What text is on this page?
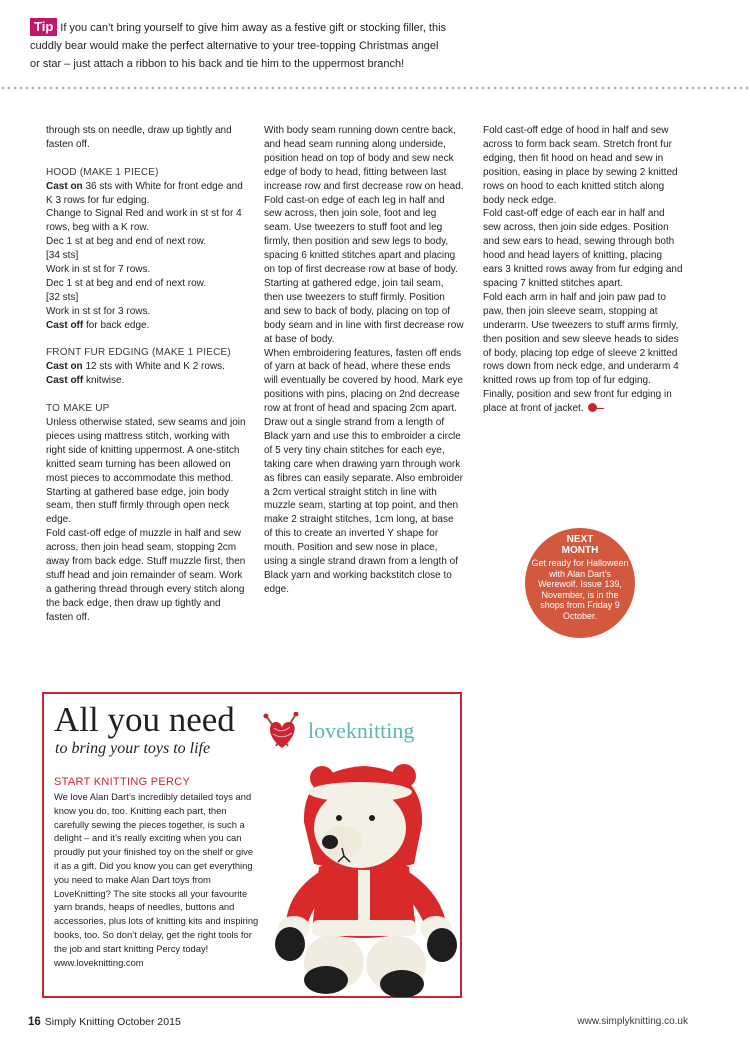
Tip If you can’t bring yourself to give him away as a festive gift or stocking filler, this cuddly bear would make the perfect alternative to your tree-topping Christmas angel or star – just attach a ribbon to his back and tie him to the uppermost branch!

through sts on needle, draw up tightly and fasten off.

HOOD (MAKE 1 PIECE)

Cast on 36 sts with White for front edge and K 3 rows for fur edging.

Change to Signal Red and work in st st for 4 rows, beg with a K row.

Dec 1 st at beg and end of next row.

[34 sts]

Work in st st for 7 rows.

Dec 1 st at beg and end of next row.

[32 sts]

Work in st st for 3 rows.

Cast off for back edge.

FRONT FUR EDGING (MAKE 1 PIECE)

Cast on 12 sts with White and K 2 rows.

Cast off knitwise.

TO MAKE UP

Unless otherwise stated, sew seams and join pieces using mattress stitch, working with right side of knitting uppermost. A one-stitch knitted seam turning has been allowed on most pieces to accommodate this method.

Starting at gathered base edge, join body seam, then stuff firmly through open neck edge.

Fold cast-off edge of muzzle in half and sew across, then join head seam, stopping 2cm away from back edge. Stuff muzzle first, then stuff head and join remainder of seam. Work a gathering thread through every stitch along the back edge, then draw up tightly and fasten off.

With body seam running down centre back, and head seam running along underside, position head on top of body and sew neck edge of body to head, fitting between last increase row and first decrease row on head.

Fold cast-on edge of each leg in half and sew across, then join sole, foot and leg seam. Use tweezers to stuff foot and leg firmly, then position and sew legs to body, spacing 6 knitted stitches apart and placing on top of first decrease row at base of body.

Starting at gathered edge, join tail seam, then use tweezers to stuff firmly. Position and sew to back of body, placing on top of body seam and in line with first decrease row at base of body.

When embroidering features, fasten off ends of yarn at back of head, where these ends will eventually be covered by hood. Mark eye positions with pins, placing on 2nd decrease row at front of head and spacing 2cm apart. Draw out a single strand from a length of Black yarn and use this to embroider a circle of 5 very tiny chain stitches for each eye, taking care when drawing yarn through work as fibres can easily separate. Also embroider a 2cm vertical straight stitch in line with muzzle seam, starting at top point, and then make 2 straight stitches, 1cm long, at base of this to create an inverted Y shape for mouth. Position and sew nose in place, using a single strand drawn from a length of Black yarn and working backstitch close to edge.

Fold cast-off edge of hood in half and sew across to form back seam. Stretch front fur edging, then fit hood on head and sew in position, easing in place by sewing 2 knitted rows on hood to each knitted stitch along body neck edge.

Fold cast-off edge of each ear in half and sew across, then join side edges. Position and sew ears to head, sewing through both hood and head layers of knitting, placing ears 3 knitted rows away from fur edging and spacing 7 knitted stitches apart.

Fold each arm in half and join paw pad to paw, then join sleeve seam, stopping at underarm. Use tweezers to stuff arms firmly, then position and sew sleeve heads to sides of body, placing top edge of sleeve 2 knitted rows down from neck edge, and underarm 4 knitted rows up from top of fur edging. Finally, position and sew front fur edging in place at front of jacket.

NEXT
MONTH
Get ready for Halloween with Alan Dart’s Werewolf. Issue 139, November, is in the shops from Friday 9 October.
All you need
to bring your toys to life
START KNITTING PERCY
We love Alan Dart’s incredibly detailed toys and know you do, too. Knitting each part, then carefully sewing the pieces together, is such a delight – and it’s really exciting when you can proudly put your finished toy on the shelf or give it as a gift. Did you know you can get everything you need to make Alan Dart toys from LoveKnitting? The site stocks all your favourite yarn brands, heaps of needles, buttons and accessories, plus lots of knitting kits and inspiring books, too. So don’t delay, get the right tools for the job and start knitting Percy today!
www.loveknitting.com
loveknitting
16 Simply Knitting October 2015	www.simplyknitting.co.uk
